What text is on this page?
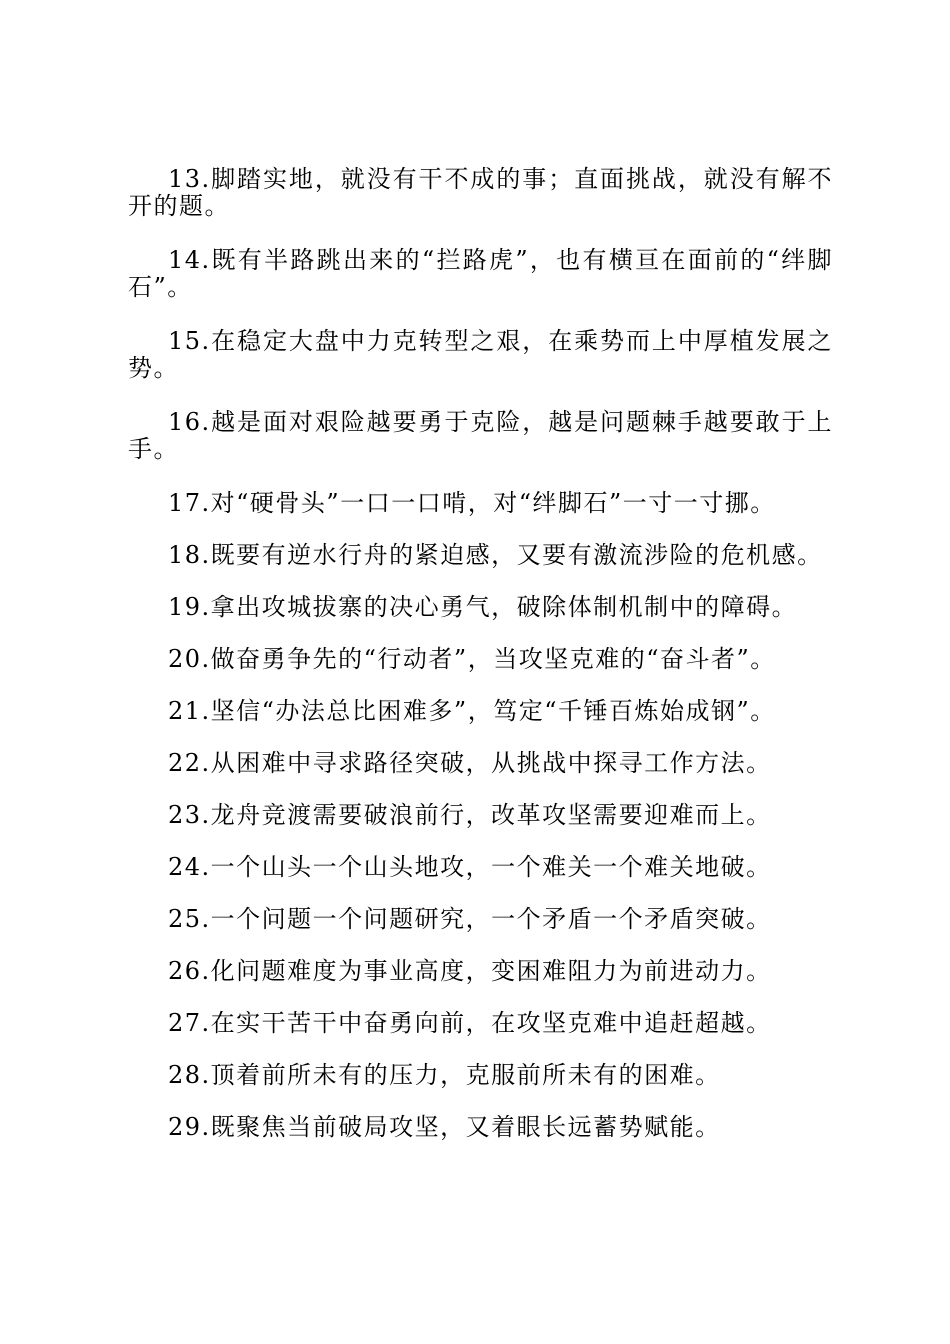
13.脚踏实地，就没有干不成的事；直面挑战，就没有解不开的题。

14.既有半路跳出来的“拦路虎”，也有横亘在面前的“绊脚石”。

15.在稳定大盘中力克转型之艰，在乘势而上中厚植发展之势。

16.越是面对艰险越要勇于克险，越是问题棘手越要敢于上手。

17.对“硬骨头”一口一口啃，对“绊脚石”一寸一寸挪。

18.既要有逆水行舟的紧迫感，又要有激流涉险的危机感。

19.拿出攻城拔寨的决心勇气，破除体制机制中的障碍。

20.做奋勇争先的“行动者”，当攻坚克难的“奋斗者”。

21.坚信“办法总比困难多”，笃定“千锤百炼始成钢”。

22.从困难中寻求路径突破，从挑战中探寻工作方法。

23.龙舟竞渡需要破浪前行，改革攻坚需要迎难而上。

24.一个山头一个山头地攻，一个难关一个难关地破。

25.一个问题一个问题研究，一个矛盾一个矛盾突破。

26.化问题难度为事业高度，变困难阻力为前进动力。

27.在实干苦干中奋勇向前，在攻坚克难中追赶超越。

28.顶着前所未有的压力，克服前所未有的困难。

29.既聚焦当前破局攻坚，又着眼长远蓄势赋能。
